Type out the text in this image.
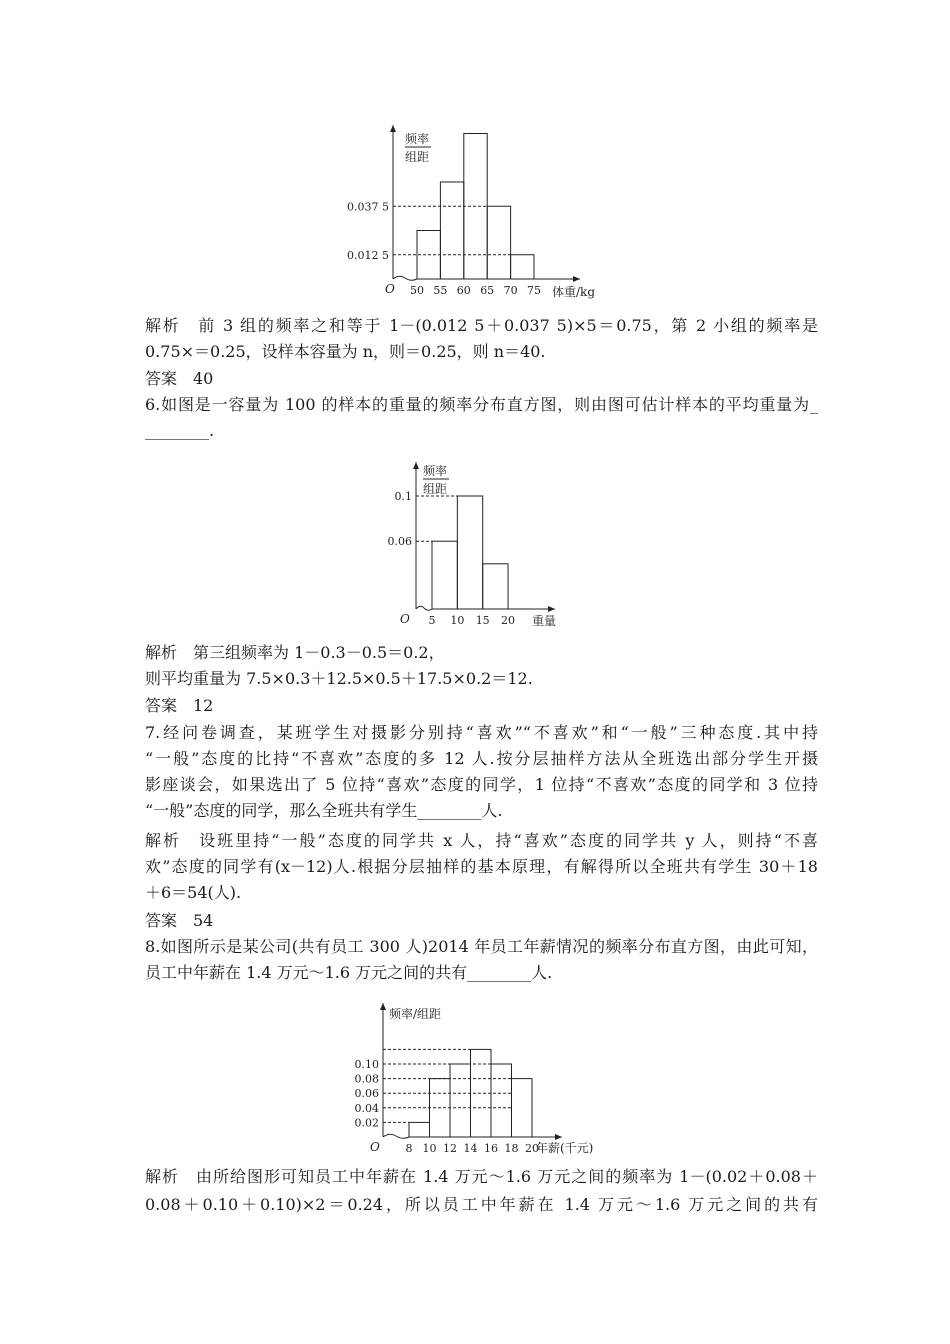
解析　前 3 组的频率之和等于 1－(0.012 5＋0.037 5)×5＝0.75，第 2 小组的频率是
0.75×＝0.25，设样本容量为 n，则＝0.25，则 n＝40.
答案　40
6.如图是一容量为 100 的样本的重量的频率分布直方图，则由图可估计样本的平均重量为_
________.
解析　第三组频率为 1－0.3－0.5＝0.2，
则平均重量为 7.5×0.3＋12.5×0.5＋17.5×0.2＝12.
答案　12
7.经问卷调查，某班学生对摄影分别持“喜欢”“不喜欢”和“一般”三种态度.其中持
“一般”态度的比持“不喜欢”态度的多 12 人.按分层抽样方法从全班选出部分学生开摄
影座谈会，如果选出了 5 位持“喜欢”态度的同学，1 位持“不喜欢”态度的同学和 3 位持
“一般”态度的同学，那么全班共有学生________人.
解析　设班里持“一般”态度的同学共 x 人，持“喜欢”态度的同学共 y 人，则持“不喜
欢”态度的同学有(x－12)人.根据分层抽样的基本原理，有解得所以全班共有学生 30＋18
＋6＝54(人).
答案　54
8.如图所示是某公司(共有员工 300 人)2014 年员工年薪情况的频率分布直方图，由此可知，
员工中年薪在 1.4 万元～1.6 万元之间的共有________人.
解析　由所给图形可知员工中年薪在 1.4 万元～1.6 万元之间的频率为 1－(0.02＋0.08＋
0.08＋0.10＋0.10)×2＝0.24，所以员工中年薪在 1.4 万元～1.6 万元之间的共有
O
0.037 5
0.012 5
50 55 60 65 70 75 体重/kg
频率
组距
O
0.1
0.06
5 10 15 20 重量
频率
组距
O
0.10
0.08
0.06
0.04
0.02
8 10 12 14 16 18 20
年薪(千元)
频率/组距
